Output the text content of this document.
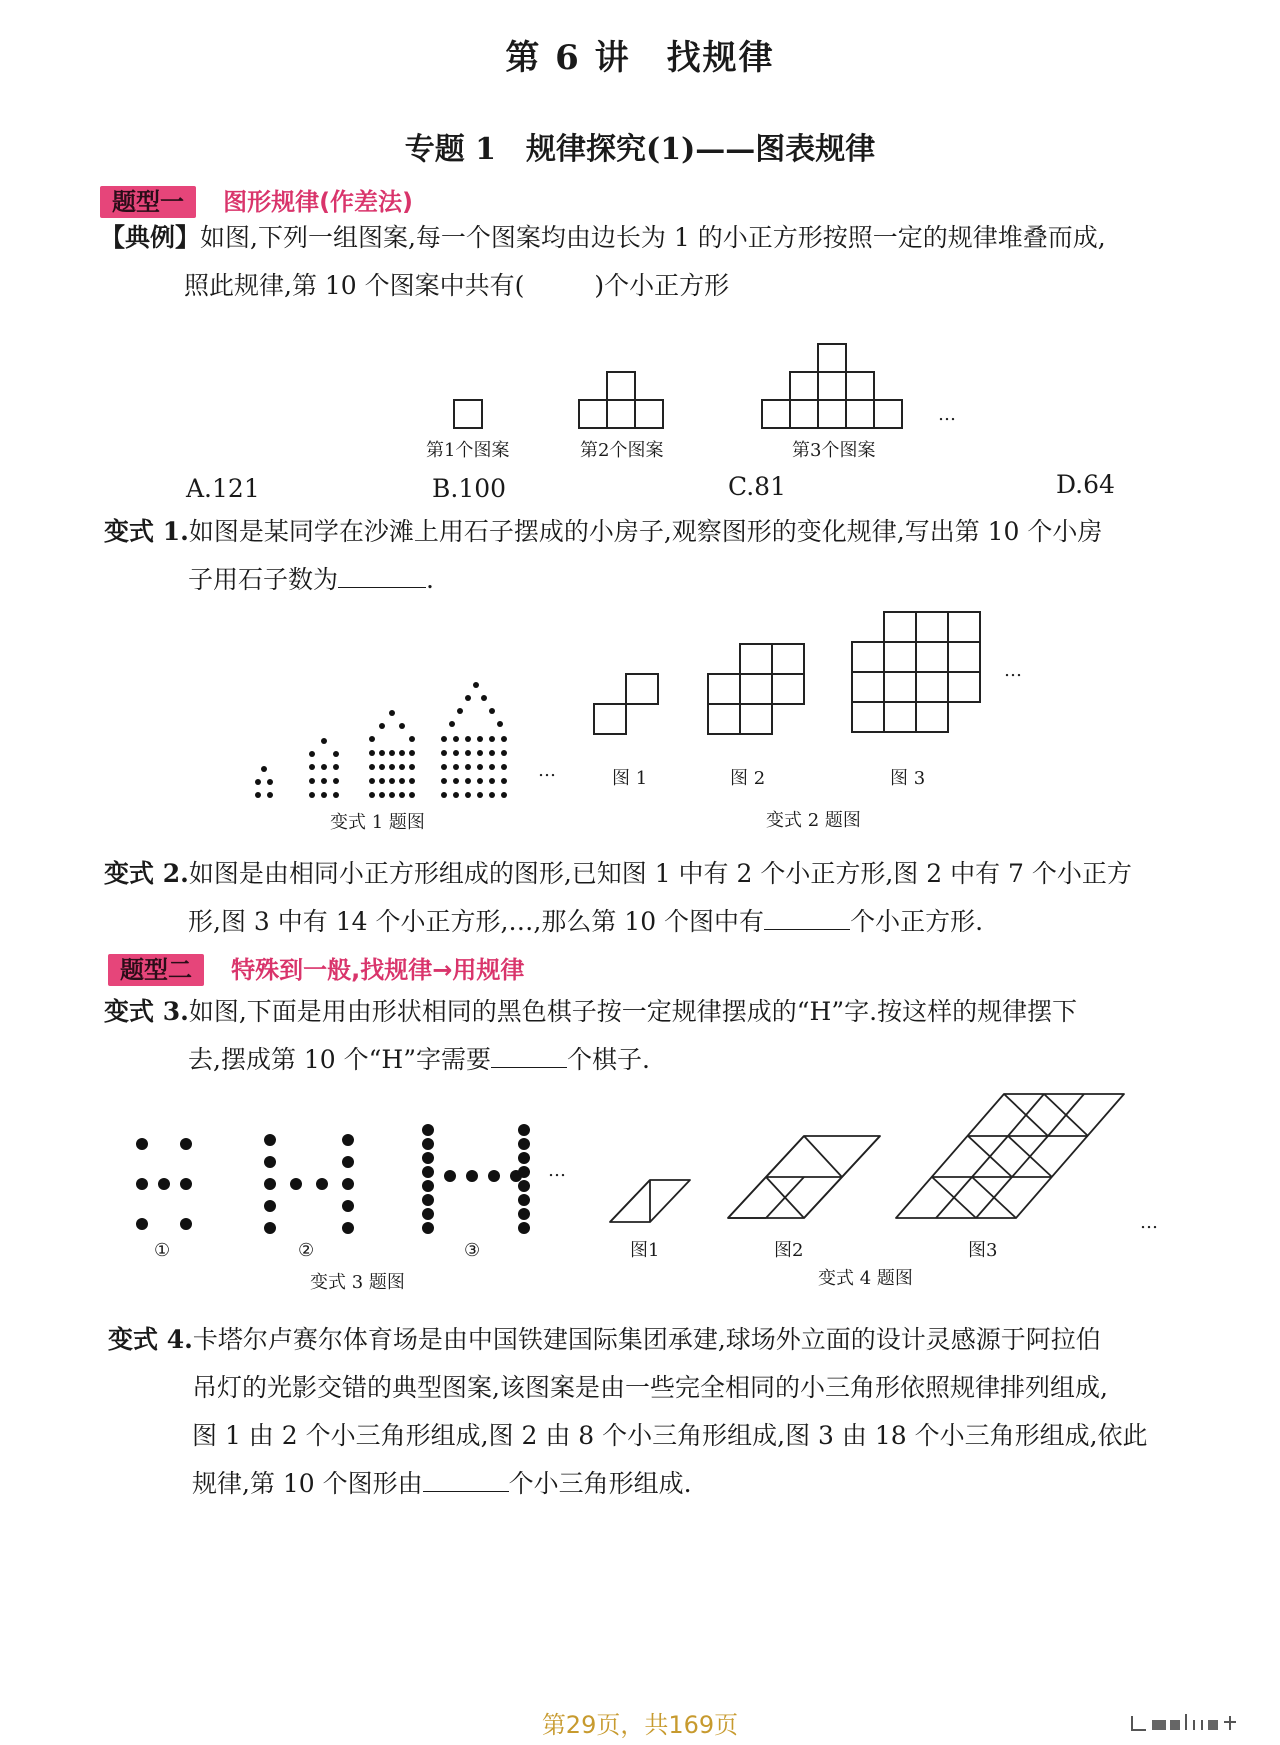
第 6 讲　找规律
专题 1　规律探究(1)——图表规律
题型一 图形规律(作差法)
【典例】如图,下列一组图案,每一个图案均由边长为 1 的小正方形按照一定的规律堆叠而成,
照此规律,第 10 个图案中共有(	)个小正方形
第1个图案	第2个图案	第3个图案
…
A.121	B.100	C.81	D.64
变式 1.如图是某同学在沙滩上用石子摆成的小房子,观察图形的变化规律,写出第 10 个小房
子用石子数为	.
…
变式 1 题图
图 1	图 2	图 3
…
变式 2 题图
变式 2.如图是由相同小正方形组成的图形,已知图 1 中有 2 个小正方形,图 2 中有 7 个小正方
形,图 3 中有 14 个小正方形,…,那么第 10 个图中有	个小正方形.
题型二 特殊到一般,找规律→用规律
变式 3.如图,下面是用由形状相同的黑色棋子按一定规律摆成的“H”字.按这样的规律摆下
去,摆成第 10 个“H”字需要	个棋子.
…
①	②	③
变式 3 题图
图1	图2	图3
…
变式 4 题图
变式 4.卡塔尔卢赛尔体育场是由中国铁建国际集团承建,球场外立面的设计灵感源于阿拉伯
吊灯的光影交错的典型图案,该图案是由一些完全相同的小三角形依照规律排列组成,
图 1 由 2 个小三角形组成,图 2 由 8 个小三角形组成,图 3 由 18 个小三角形组成,依此
规律,第 10 个图形由	个小三角形组成.
第29页，共169页
